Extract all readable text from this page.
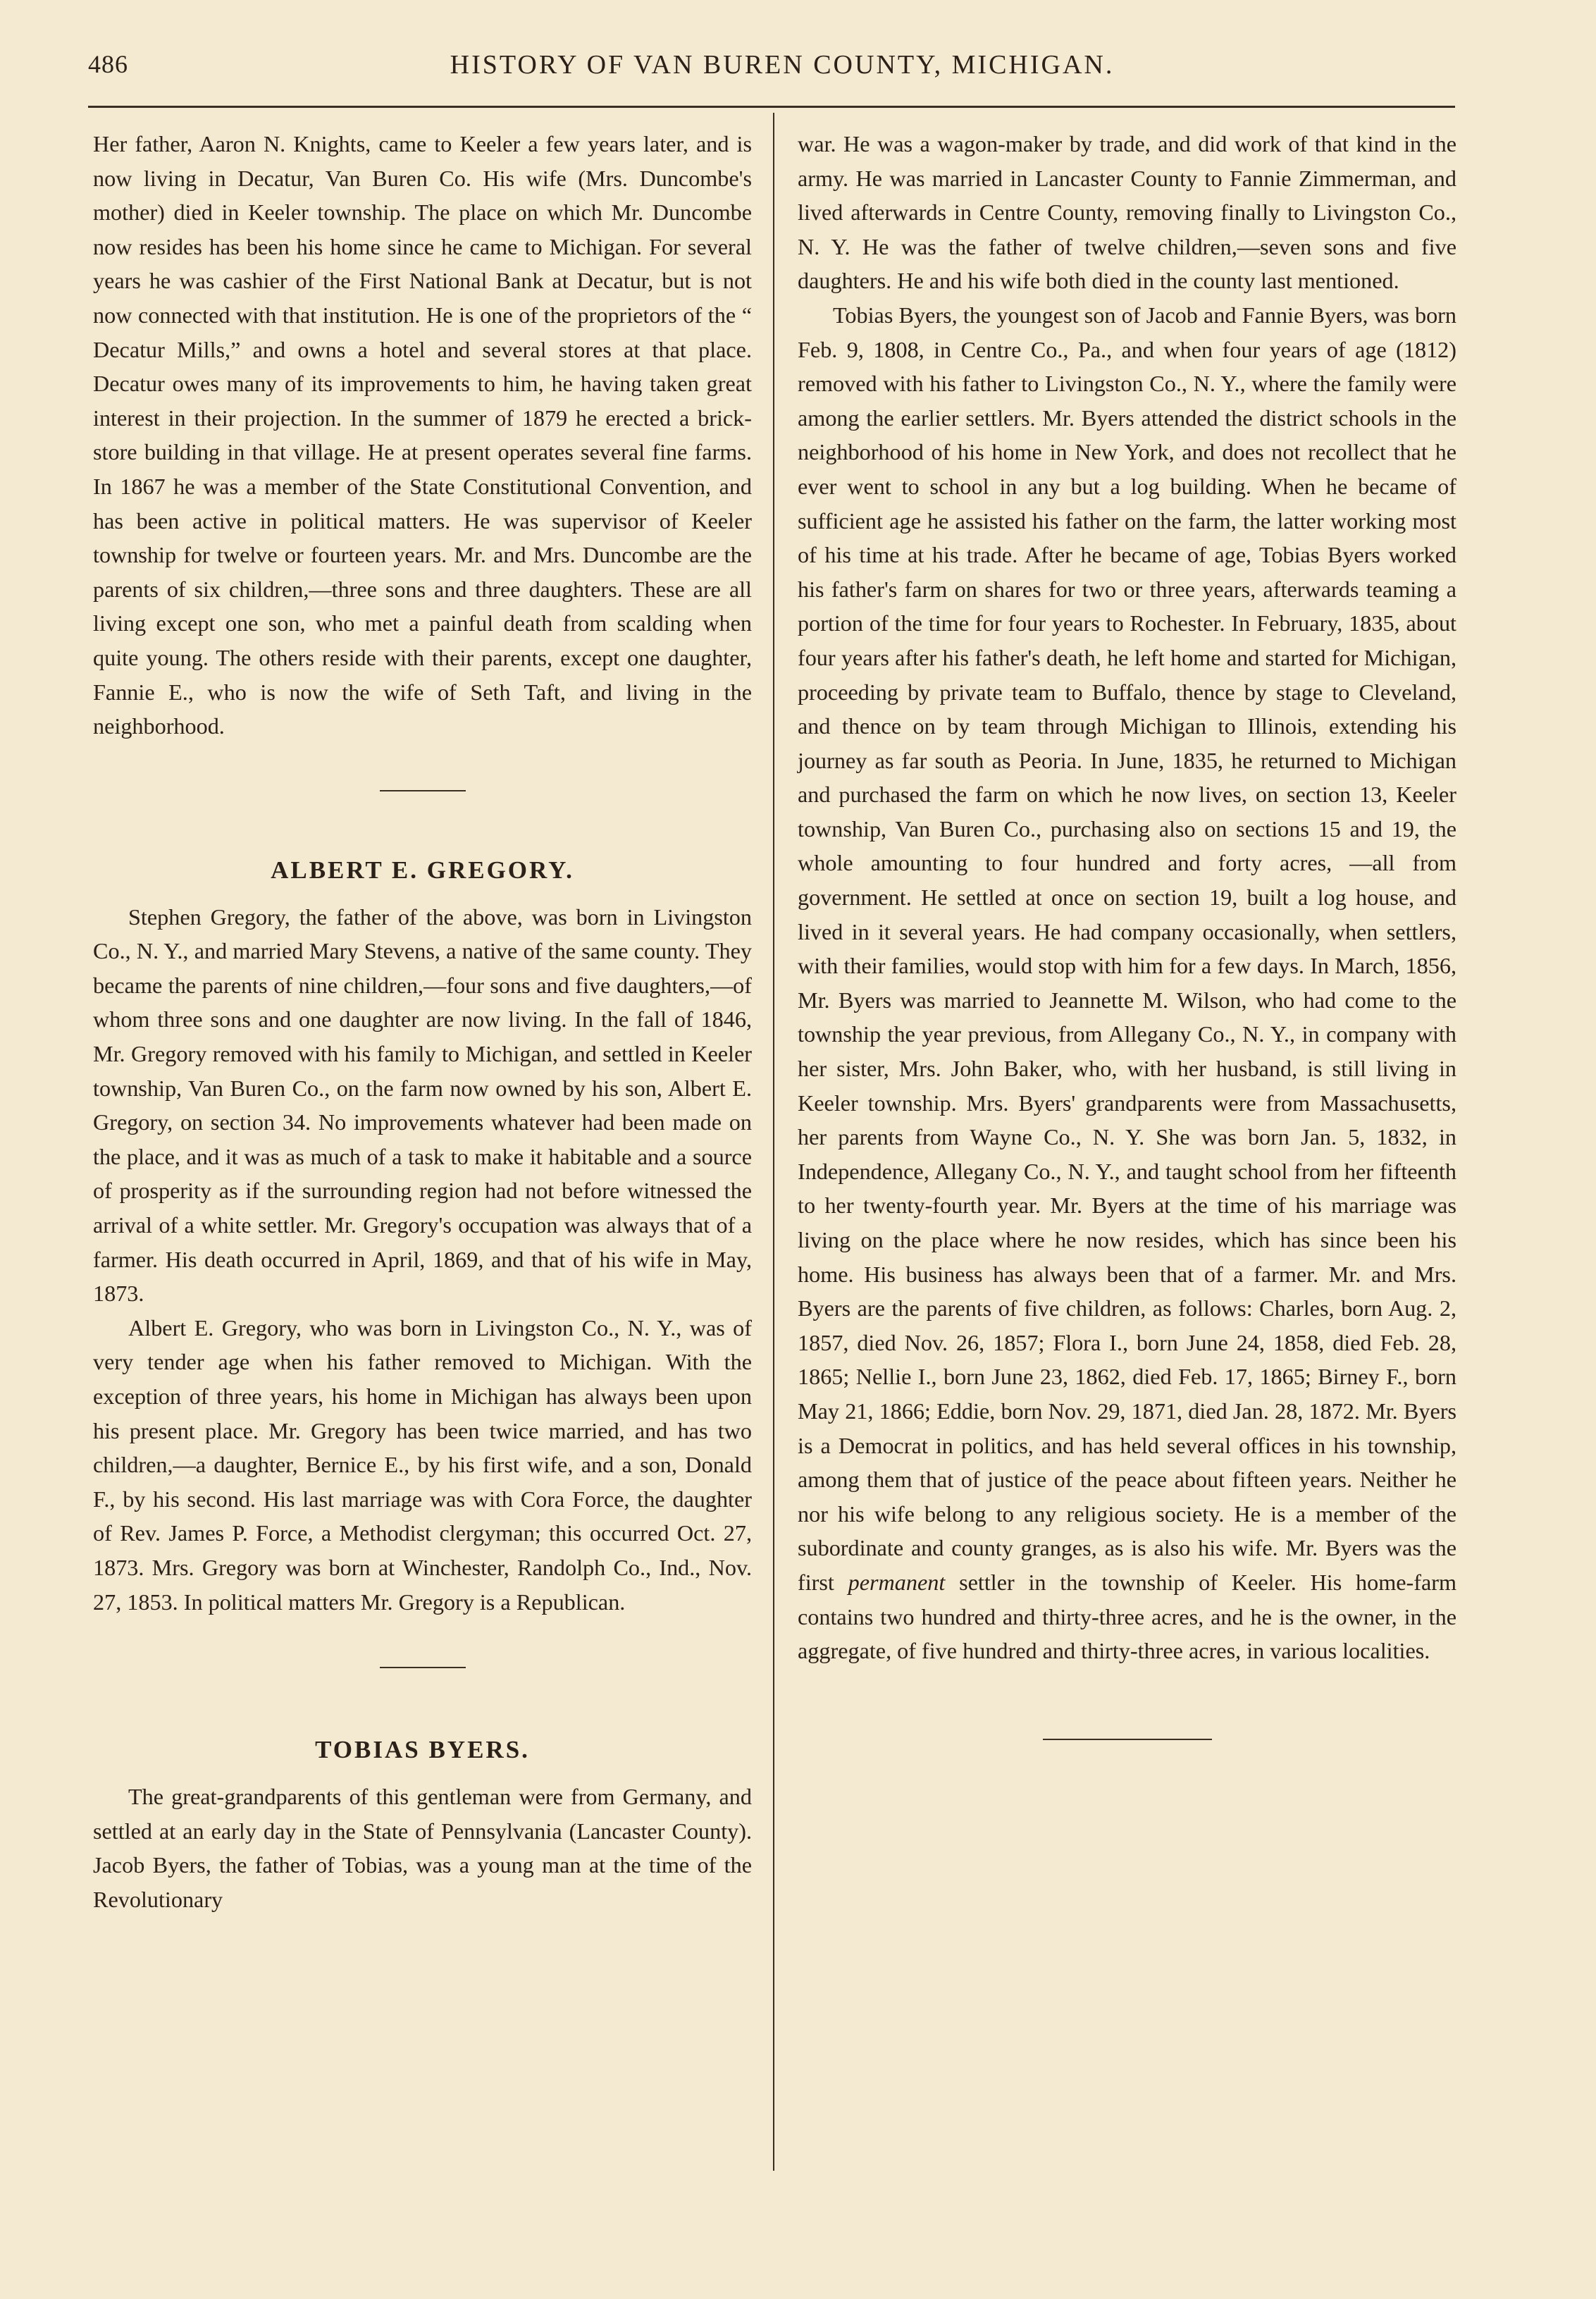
486	HISTORY OF VAN BUREN COUNTY, MICHIGAN.

Her father, Aaron N. Knights, came to Keeler a few years later, and is now living in Decatur, Van Buren Co. His wife (Mrs. Duncombe's mother) died in Keeler township. The place on which Mr. Duncombe now resides has been his home since he came to Michigan. For several years he was cashier of the First National Bank at Decatur, but is not now connected with that institution. He is one of the proprietors of the “ Decatur Mills,” and owns a hotel and several stores at that place. Decatur owes many of its improvements to him, he having taken great interest in their projection. In the summer of 1879 he erected a brick-store building in that village. He at present operates several fine farms. In 1867 he was a member of the State Constitutional Convention, and has been active in political matters. He was supervisor of Keeler township for twelve or fourteen years. Mr. and Mrs. Duncombe are the parents of six children,—three sons and three daughters. These are all living except one son, who met a painful death from scalding when quite young. The others reside with their parents, except one daughter, Fannie E., who is now the wife of Seth Taft, and living in the neighborhood.

ALBERT E. GREGORY.

Stephen Gregory, the father of the above, was born in Livingston Co., N. Y., and married Mary Stevens, a native of the same county. They became the parents of nine children,—four sons and five daughters,—of whom three sons and one daughter are now living. In the fall of 1846, Mr. Gregory removed with his family to Michigan, and settled in Keeler township, Van Buren Co., on the farm now owned by his son, Albert E. Gregory, on section 34. No improvements whatever had been made on the place, and it was as much of a task to make it habitable and a source of prosperity as if the surrounding region had not before witnessed the arrival of a white settler. Mr. Gregory's occupation was always that of a farmer. His death occurred in April, 1869, and that of his wife in May, 1873.

Albert E. Gregory, who was born in Livingston Co., N. Y., was of very tender age when his father removed to Michigan. With the exception of three years, his home in Michigan has always been upon his present place. Mr. Gregory has been twice married, and has two children,—a daughter, Bernice E., by his first wife, and a son, Donald F., by his second. His last marriage was with Cora Force, the daughter of Rev. James P. Force, a Methodist clergyman; this occurred Oct. 27, 1873. Mrs. Gregory was born at Winchester, Randolph Co., Ind., Nov. 27, 1853. In political matters Mr. Gregory is a Republican.

TOBIAS BYERS.

The great-grandparents of this gentleman were from Germany, and settled at an early day in the State of Pennsylvania (Lancaster County). Jacob Byers, the father of Tobias, was a young man at the time of the Revolutionary

war. He was a wagon-maker by trade, and did work of that kind in the army. He was married in Lancaster County to Fannie Zimmerman, and lived afterwards in Centre County, removing finally to Livingston Co., N. Y. He was the father of twelve children,—seven sons and five daughters. He and his wife both died in the county last mentioned.

Tobias Byers, the youngest son of Jacob and Fannie Byers, was born Feb. 9, 1808, in Centre Co., Pa., and when four years of age (1812) removed with his father to Livingston Co., N. Y., where the family were among the earlier settlers. Mr. Byers attended the district schools in the neighborhood of his home in New York, and does not recollect that he ever went to school in any but a log building. When he became of sufficient age he assisted his father on the farm, the latter working most of his time at his trade. After he became of age, Tobias Byers worked his father's farm on shares for two or three years, afterwards teaming a portion of the time for four years to Rochester. In February, 1835, about four years after his father's death, he left home and started for Michigan, proceeding by private team to Buffalo, thence by stage to Cleveland, and thence on by team through Michigan to Illinois, extending his journey as far south as Peoria. In June, 1835, he returned to Michigan and purchased the farm on which he now lives, on section 13, Keeler township, Van Buren Co., purchasing also on sections 15 and 19, the whole amounting to four hundred and forty acres, —all from government. He settled at once on section 19, built a log house, and lived in it several years. He had company occasionally, when settlers, with their families, would stop with him for a few days. In March, 1856, Mr. Byers was married to Jeannette M. Wilson, who had come to the township the year previous, from Allegany Co., N. Y., in company with her sister, Mrs. John Baker, who, with her husband, is still living in Keeler township. Mrs. Byers' grandparents were from Massachusetts, her parents from Wayne Co., N. Y. She was born Jan. 5, 1832, in Independence, Allegany Co., N. Y., and taught school from her fifteenth to her twenty-fourth year. Mr. Byers at the time of his marriage was living on the place where he now resides, which has since been his home. His business has always been that of a farmer. Mr. and Mrs. Byers are the parents of five children, as follows: Charles, born Aug. 2, 1857, died Nov. 26, 1857; Flora I., born June 24, 1858, died Feb. 28, 1865; Nellie I., born June 23, 1862, died Feb. 17, 1865; Birney F., born May 21, 1866; Eddie, born Nov. 29, 1871, died Jan. 28, 1872. Mr. Byers is a Democrat in politics, and has held several offices in his township, among them that of justice of the peace about fifteen years. Neither he nor his wife belong to any religious society. He is a member of the subordinate and county granges, as is also his wife. Mr. Byers was the first permanent settler in the township of Keeler. His home-farm contains two hundred and thirty-three acres, and he is the owner, in the aggregate, of five hundred and thirty-three acres, in various localities.
